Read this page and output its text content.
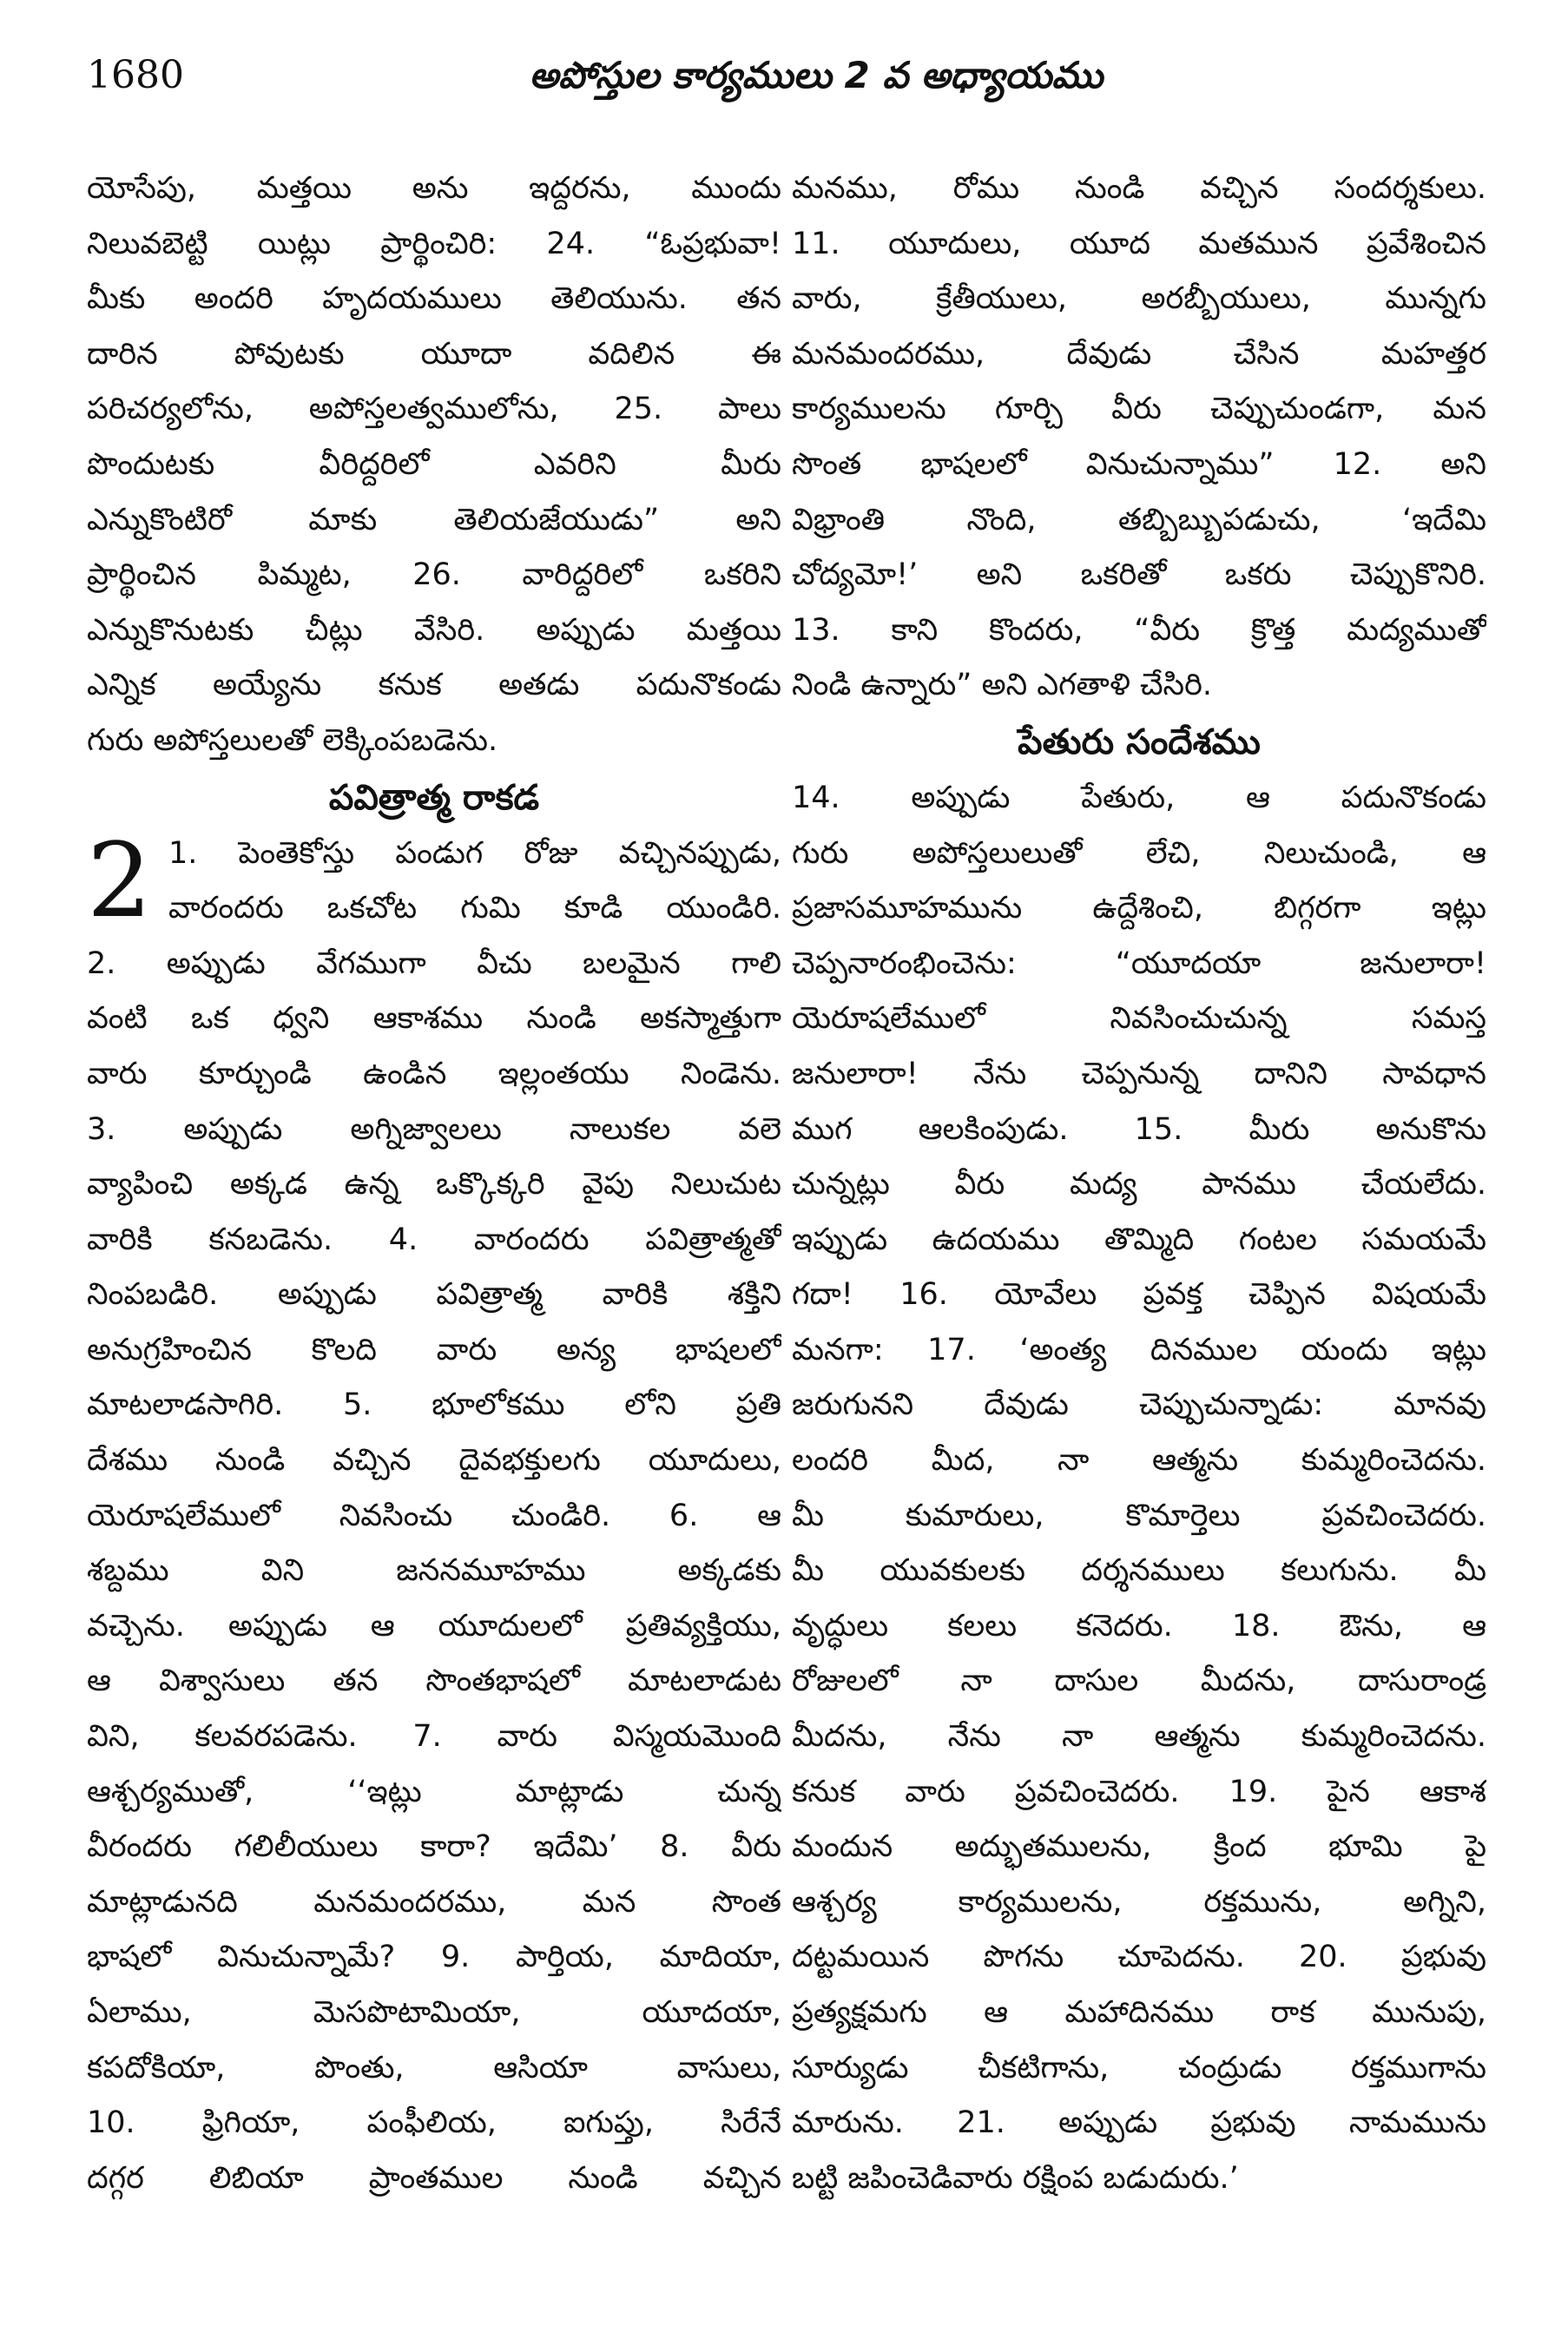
1680	అపోస్తుల కార్యములు 2 వ అధ్యాయము
యోసేపు, మత్తయి అను ఇద్దరను, ముందు
నిలువబెట్టి యిట్లు ప్రార్థించిరి: 24. “ఓప్రభువా!
మీకు అందరి హృదయములు తెలియును. తన
దారిన పోవుటకు యూదా వదిలిన ఈ
పరిచర్యలోను, అపోస్తలత్వములోను, 25. పాలు
పొందుటకు వీరిద్దరిలో ఎవరిని మీరు
ఎన్నుకొంటిరో మాకు తెలియజేయుడు” అని
ప్రార్థించిన పిమ్మట, 26. వారిద్దరిలో ఒకరిని
ఎన్నుకొనుటకు చీట్లు వేసిరి. అప్పుడు మత్తయి
ఎన్నిక అయ్యేను కనుక అతడు పదునొకండు
గురు అపోస్తలులతో లెక్కింపబడెను.
పవిత్రాత్మ రాకడ
2 1. పెంతెకోస్తు పండుగ రోజు వచ్చినప్పుడు,
వారందరు ఒకచోట గుమి కూడి యుండిరి.
2. అప్పుడు వేగముగా వీచు బలమైన గాలి
వంటి ఒక ధ్వని ఆకాశము నుండి అకస్మాత్తుగా
వారు కూర్చుండి ఉండిన ఇల్లంతయు నిండెను.
3. అప్పుడు అగ్నిజ్వాలలు నాలుకల వలె
వ్యాపించి అక్కడ ఉన్న ఒక్కొక్కరి వైపు నిలుచుట
వారికి కనబడెను. 4. వారందరు పవిత్రాత్మతో
నింపబడిరి. అప్పుడు పవిత్రాత్మ వారికి శక్తిని
అనుగ్రహించిన కొలది వారు అన్య భాషలలో
మాటలాడసాగిరి. 5. భూలోకము లోని ప్రతి
దేశము నుండి వచ్చిన దైవభక్తులగు యూదులు,
యెరూషలేములో నివసించు చుండిరి. 6. ఆ
శబ్దము విని జననమూహము అక్కడకు
వచ్చెను. అప్పుడు ఆ యూదులలో ప్రతివ్యక్తియు,
ఆ విశ్వాసులు తన సొంతభాషలో మాటలాడుట
విని, కలవరపడెను. 7. వారు విస్మయమొంది
ఆశ్చర్యముతో, ‘‘ఇట్లు మాట్లాడు చున్న
వీరందరు గలిలీయులు కారా? ఇదేమి’ 8. వీరు
మాట్లాడునది మనమందరము, మన సొంత
భాషలో వినుచున్నామే? 9. పార్తియ, మాదియా,
ఏలాము, మెసపొటామియా, యూదయా,
కపదోకియా, పొంతు, ఆసియా వాసులు,
10. ఫ్రిగియా, పంఫీలియ, ఐగుప్తు, సిరేనే
దగ్గర లిబియా ప్రాంతముల నుండి వచ్చిన
మనము, రోము నుండి వచ్చిన సందర్శకులు.
11. యూదులు, యూద మతమున ప్రవేశించిన
వారు, క్రేతీయులు, అరబ్బీయులు, మున్నగు
మనమందరము, దేవుడు చేసిన మహత్తర
కార్యములను గూర్చి వీరు చెప్పుచుండగా, మన
సొంత భాషలలో వినుచున్నాము” 12. అని
విభ్రాంతి నొంది, తబ్బిబ్బుపడుచు, ‘ఇదేమి
చోద్యమో!’ అని ఒకరితో ఒకరు చెప్పుకొనిరి.
13. కాని కొందరు, “వీరు క్రొత్త మద్యముతో
నిండి ఉన్నారు” అని ఎగతాళి చేసిరి.
పేతురు సందేశము
14. అప్పుడు పేతురు, ఆ పదునొకండు
గురు అపోస్తలులుతో లేచి, నిలుచుండి, ఆ
ప్రజాసమూహమును ఉద్దేశించి, బిగ్గరగా ఇట్లు
చెప్పనారంభించెను: “యూదయా జనులారా!
యెరూషలేములో నివసించుచున్న సమస్త
జనులారా! నేను చెప్పనున్న దానిని సావధాన
ముగ ఆలకింపుడు. 15. మీరు అనుకొను
చున్నట్లు వీరు మద్య పానము చేయలేదు.
ఇప్పుడు ఉదయము తొమ్మిది గంటల సమయమే
గదా! 16. యోవేలు ప్రవక్త చెప్పిన విషయమే
మనగా: 17. ‘అంత్య దినముల యందు ఇట్లు
జరుగునని దేవుడు చెప్పుచున్నాడు: మానవు
లందరి మీద, నా ఆత్మను కుమ్మరించెదను.
మీ కుమారులు, కొమార్తెలు ప్రవచించెదరు.
మీ యువకులకు దర్శనములు కలుగును. మీ
వృద్ధులు కలలు కనెదరు. 18. ఔను, ఆ
రోజులలో నా దాసుల మీదను, దాసురాండ్ర
మీదను, నేను నా ఆత్మను కుమ్మరించెదను.
కనుక వారు ప్రవచించెదరు. 19. పైన ఆకాశ
మందున అద్భుతములను, క్రింద భూమి పై
ఆశ్చర్య కార్యములను, రక్తమును, అగ్నిని,
దట్టమయిన పొగను చూపెదను. 20. ప్రభువు
ప్రత్యక్షమగు ఆ మహాదినము రాక మునుపు,
సూర్యుడు చీకటిగాను, చంద్రుడు రక్తముగాను
మారును. 21. అప్పుడు ప్రభువు నామమును
బట్టి జపించెడివారు రక్షింప బడుదురు.’
